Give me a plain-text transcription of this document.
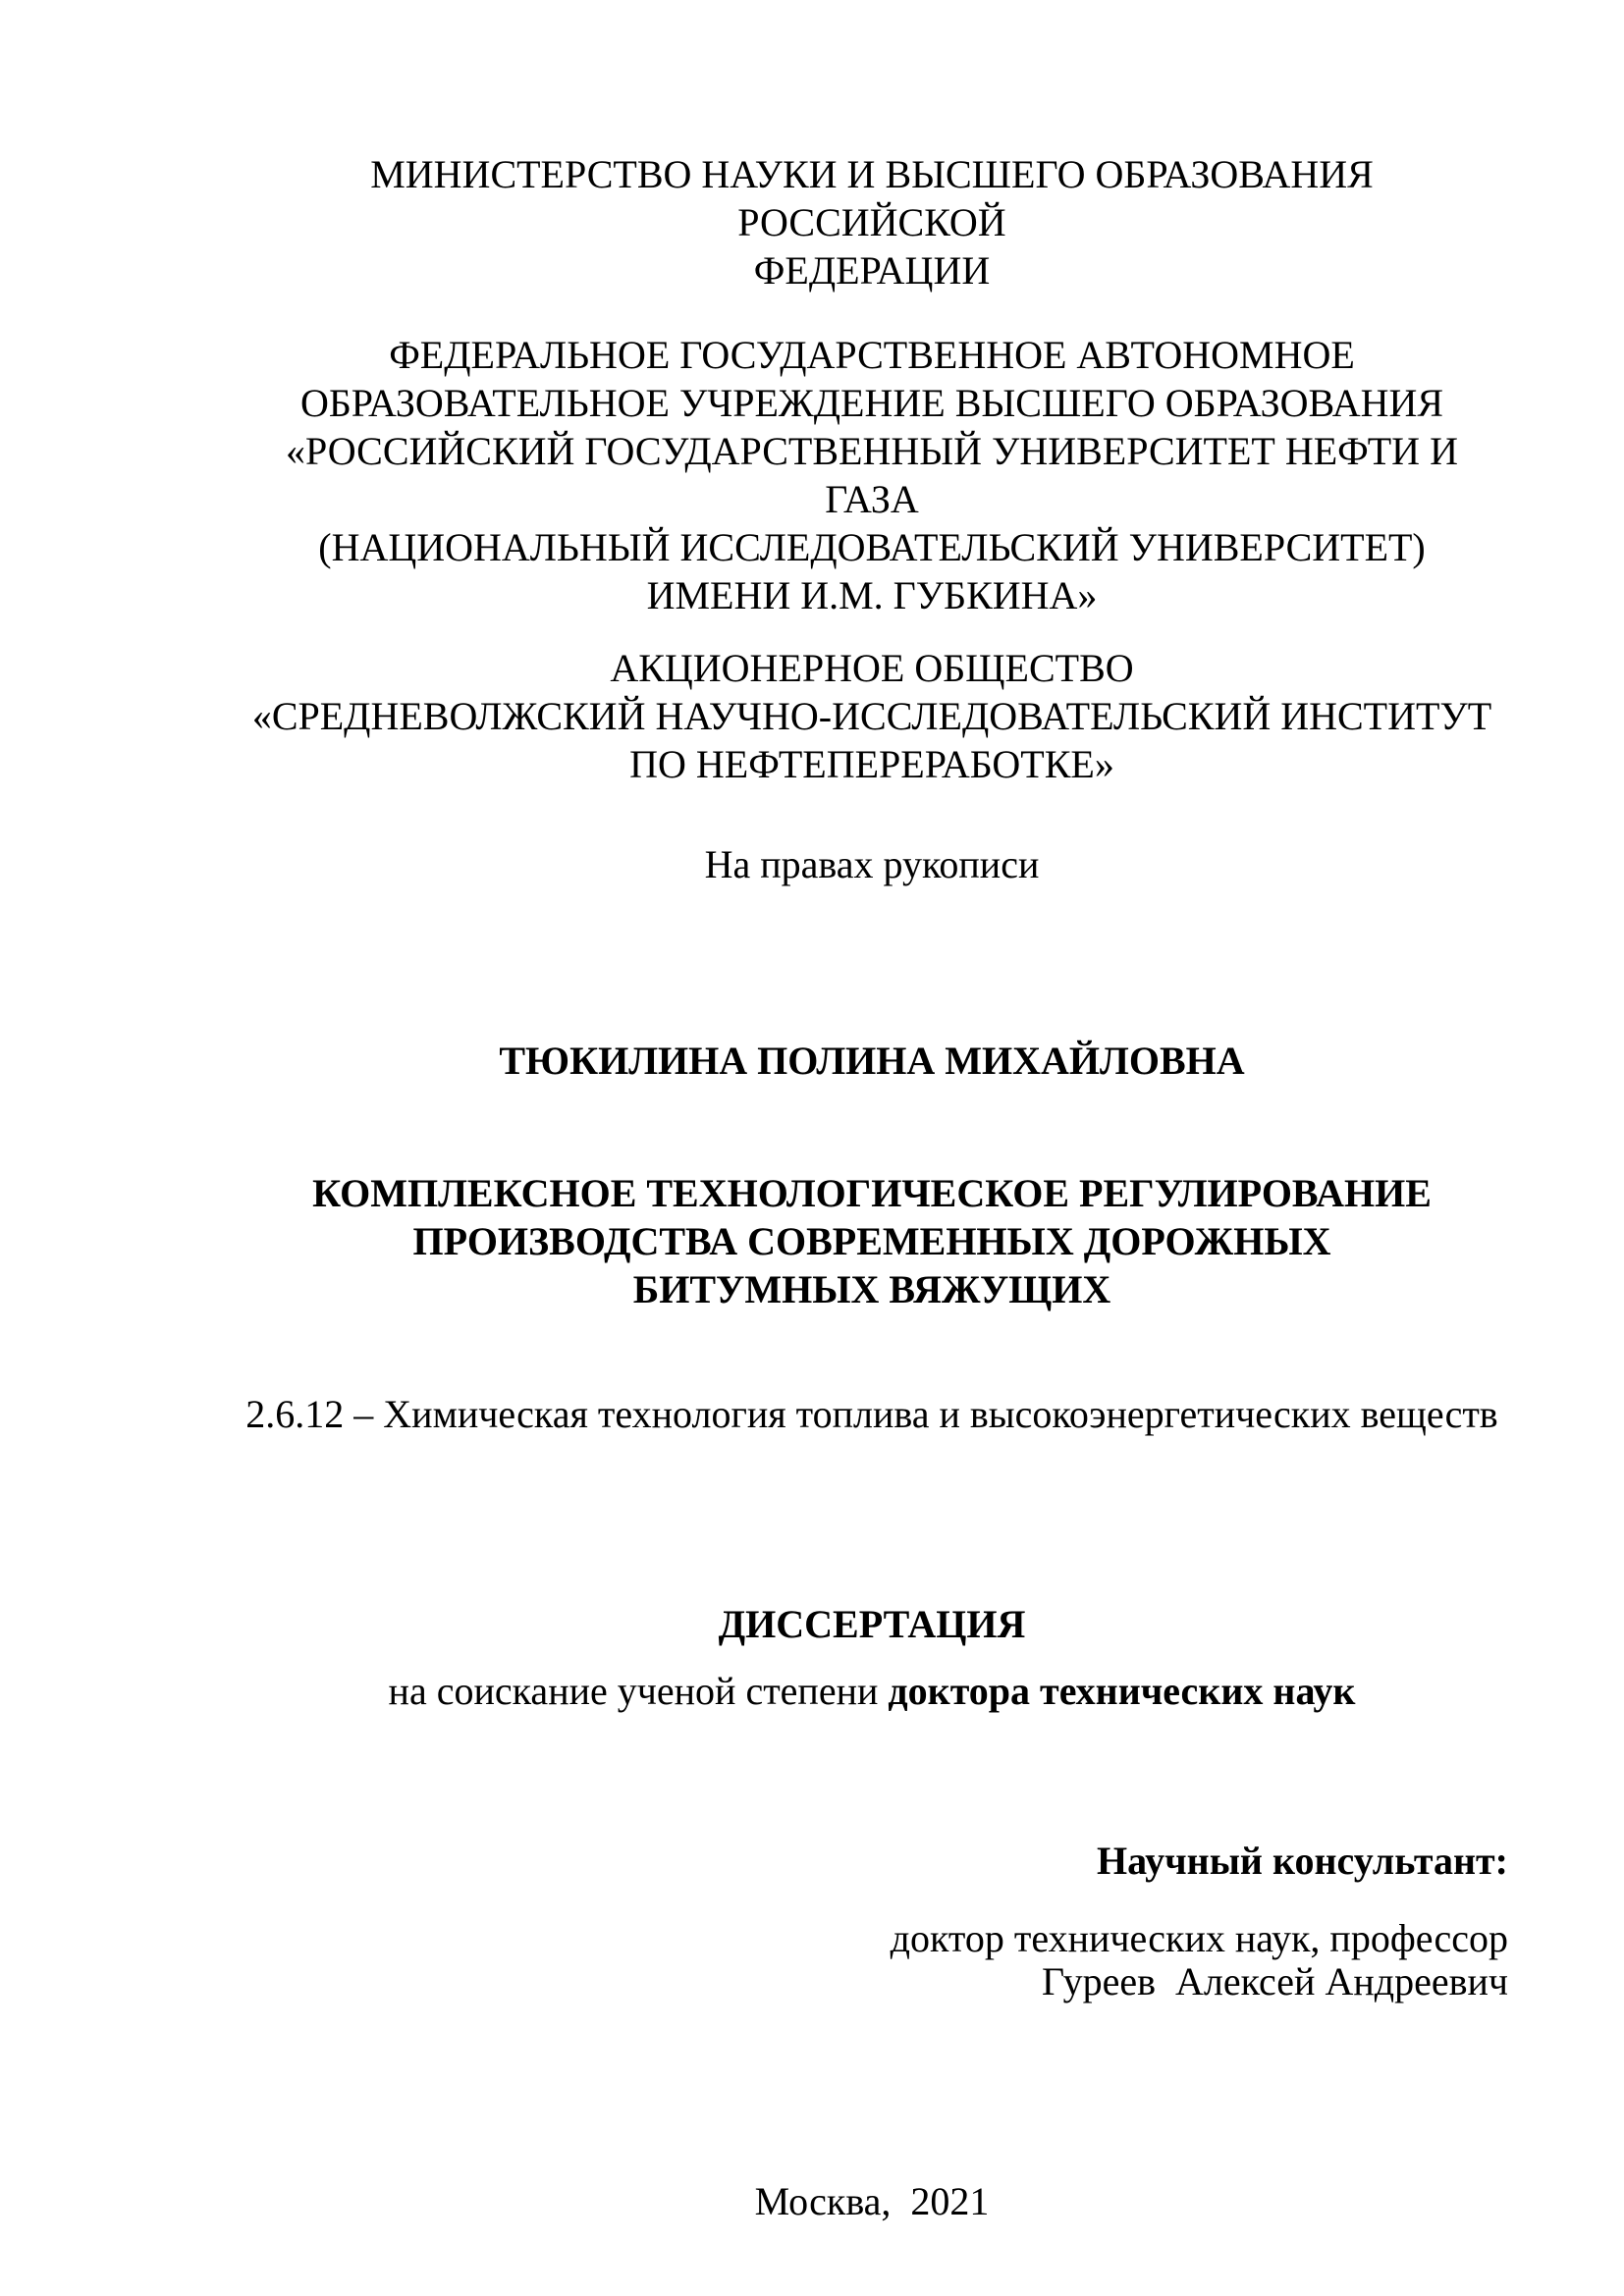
МИНИСТЕРСТВО НАУКИ И ВЫСШЕГО ОБРАЗОВАНИЯ РОССИЙСКОЙ
ФЕДЕРАЦИИ
ФЕДЕРАЛЬНОЕ ГОСУДАРСТВЕННОЕ АВТОНОМНОЕ
ОБРАЗОВАТЕЛЬНОЕ УЧРЕЖДЕНИЕ ВЫСШЕГО ОБРАЗОВАНИЯ
«РОССИЙСКИЙ ГОСУДАРСТВЕННЫЙ УНИВЕРСИТЕТ НЕФТИ И ГАЗА
(НАЦИОНАЛЬНЫЙ ИССЛЕДОВАТЕЛЬСКИЙ УНИВЕРСИТЕТ)
ИМЕНИ И.М. ГУБКИНА»
АКЦИОНЕРНОЕ ОБЩЕСТВО
«СРЕДНЕВОЛЖСКИЙ НАУЧНО-ИССЛЕДОВАТЕЛЬСКИЙ ИНСТИТУТ
ПО НЕФТЕПЕРЕРАБОТКЕ»
На правах рукописи
ТЮКИЛИНА ПОЛИНА МИХАЙЛОВНА
КОМПЛЕКСНОЕ ТЕХНОЛОГИЧЕСКОЕ РЕГУЛИРОВАНИЕ
ПРОИЗВОДСТВА СОВРЕМЕННЫХ ДОРОЖНЫХ
БИТУМНЫХ ВЯЖУЩИХ
2.6.12 – Химическая технология топлива и высокоэнергетических веществ
ДИССЕРТАЦИЯ
на соискание ученой степени доктора технических наук
Научный консультант:
доктор технических наук, профессор
Гуреев  Алексей Андреевич
Москва,  2021
